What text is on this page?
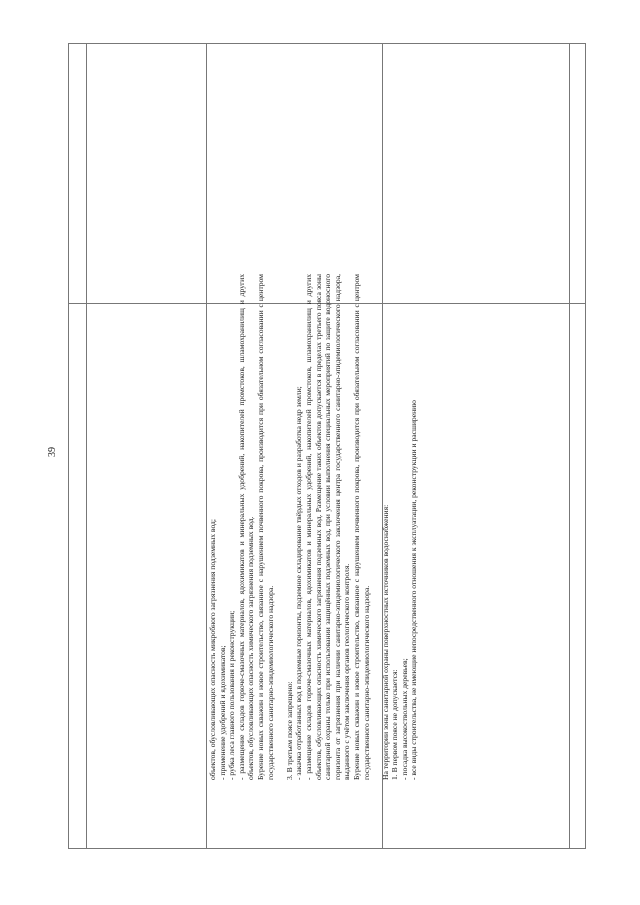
39

объектов, обусловливающих опасность микробного загрязнения подземных вод; - применение удобрений и ядохимикатов; - рубка леса главного пользования и реконструкции; - размещение складов горюче-смазочных материалов, ядохимикатов и минеральных удобрений, накопителей промстоков, шламохранилищ и других объектов, обусловливающих опасность химического загрязнения подземных вод. Бурение новых скважин и новое строительство, связанное с нарушением почвенного покрова, производится при обязательном согласовании с центром государственного санитарно-эпидемиологического надзора. 3. В третьем поясе запрещено: - закачка отработанных вод в подземные горизонты, подземное складирование твёрдых отходов и разработка недр земли; - размещение складов горюче-смазочных материалов, ядохимикатов и минеральных удобрений, накопителей промстоков, шламохранилищ и других объектов, обусловливающих опасность химического загрязнения подземных вод. Размещение таких объектов допускается в пределах третьего пояса зоны санитарной охраны только при использовании защищённых подземных вод, при условии выполнения специальных мероприятий по защите водоносного горизонта от загрязнения при наличии санитарно-эпидемиологического заключения центра государственного санитарно-эпидемиологического надзора, выданного с учётом заключения органов геологического контроля. Бурение новых скважин и новое строительство, связанное с нарушением почвенного покрова, производится при обязательном согласовании с центром государственного санитарно-эпидемиологического надзора. На территории зоны санитарной охраны поверхностных источников водоснабжения: 1. В первом поясе не допускается: - посадка высокоствольных деревьев; - все виды строительства, не имеющие непосредственного отношения к эксплуатации, реконструкции и расширению
